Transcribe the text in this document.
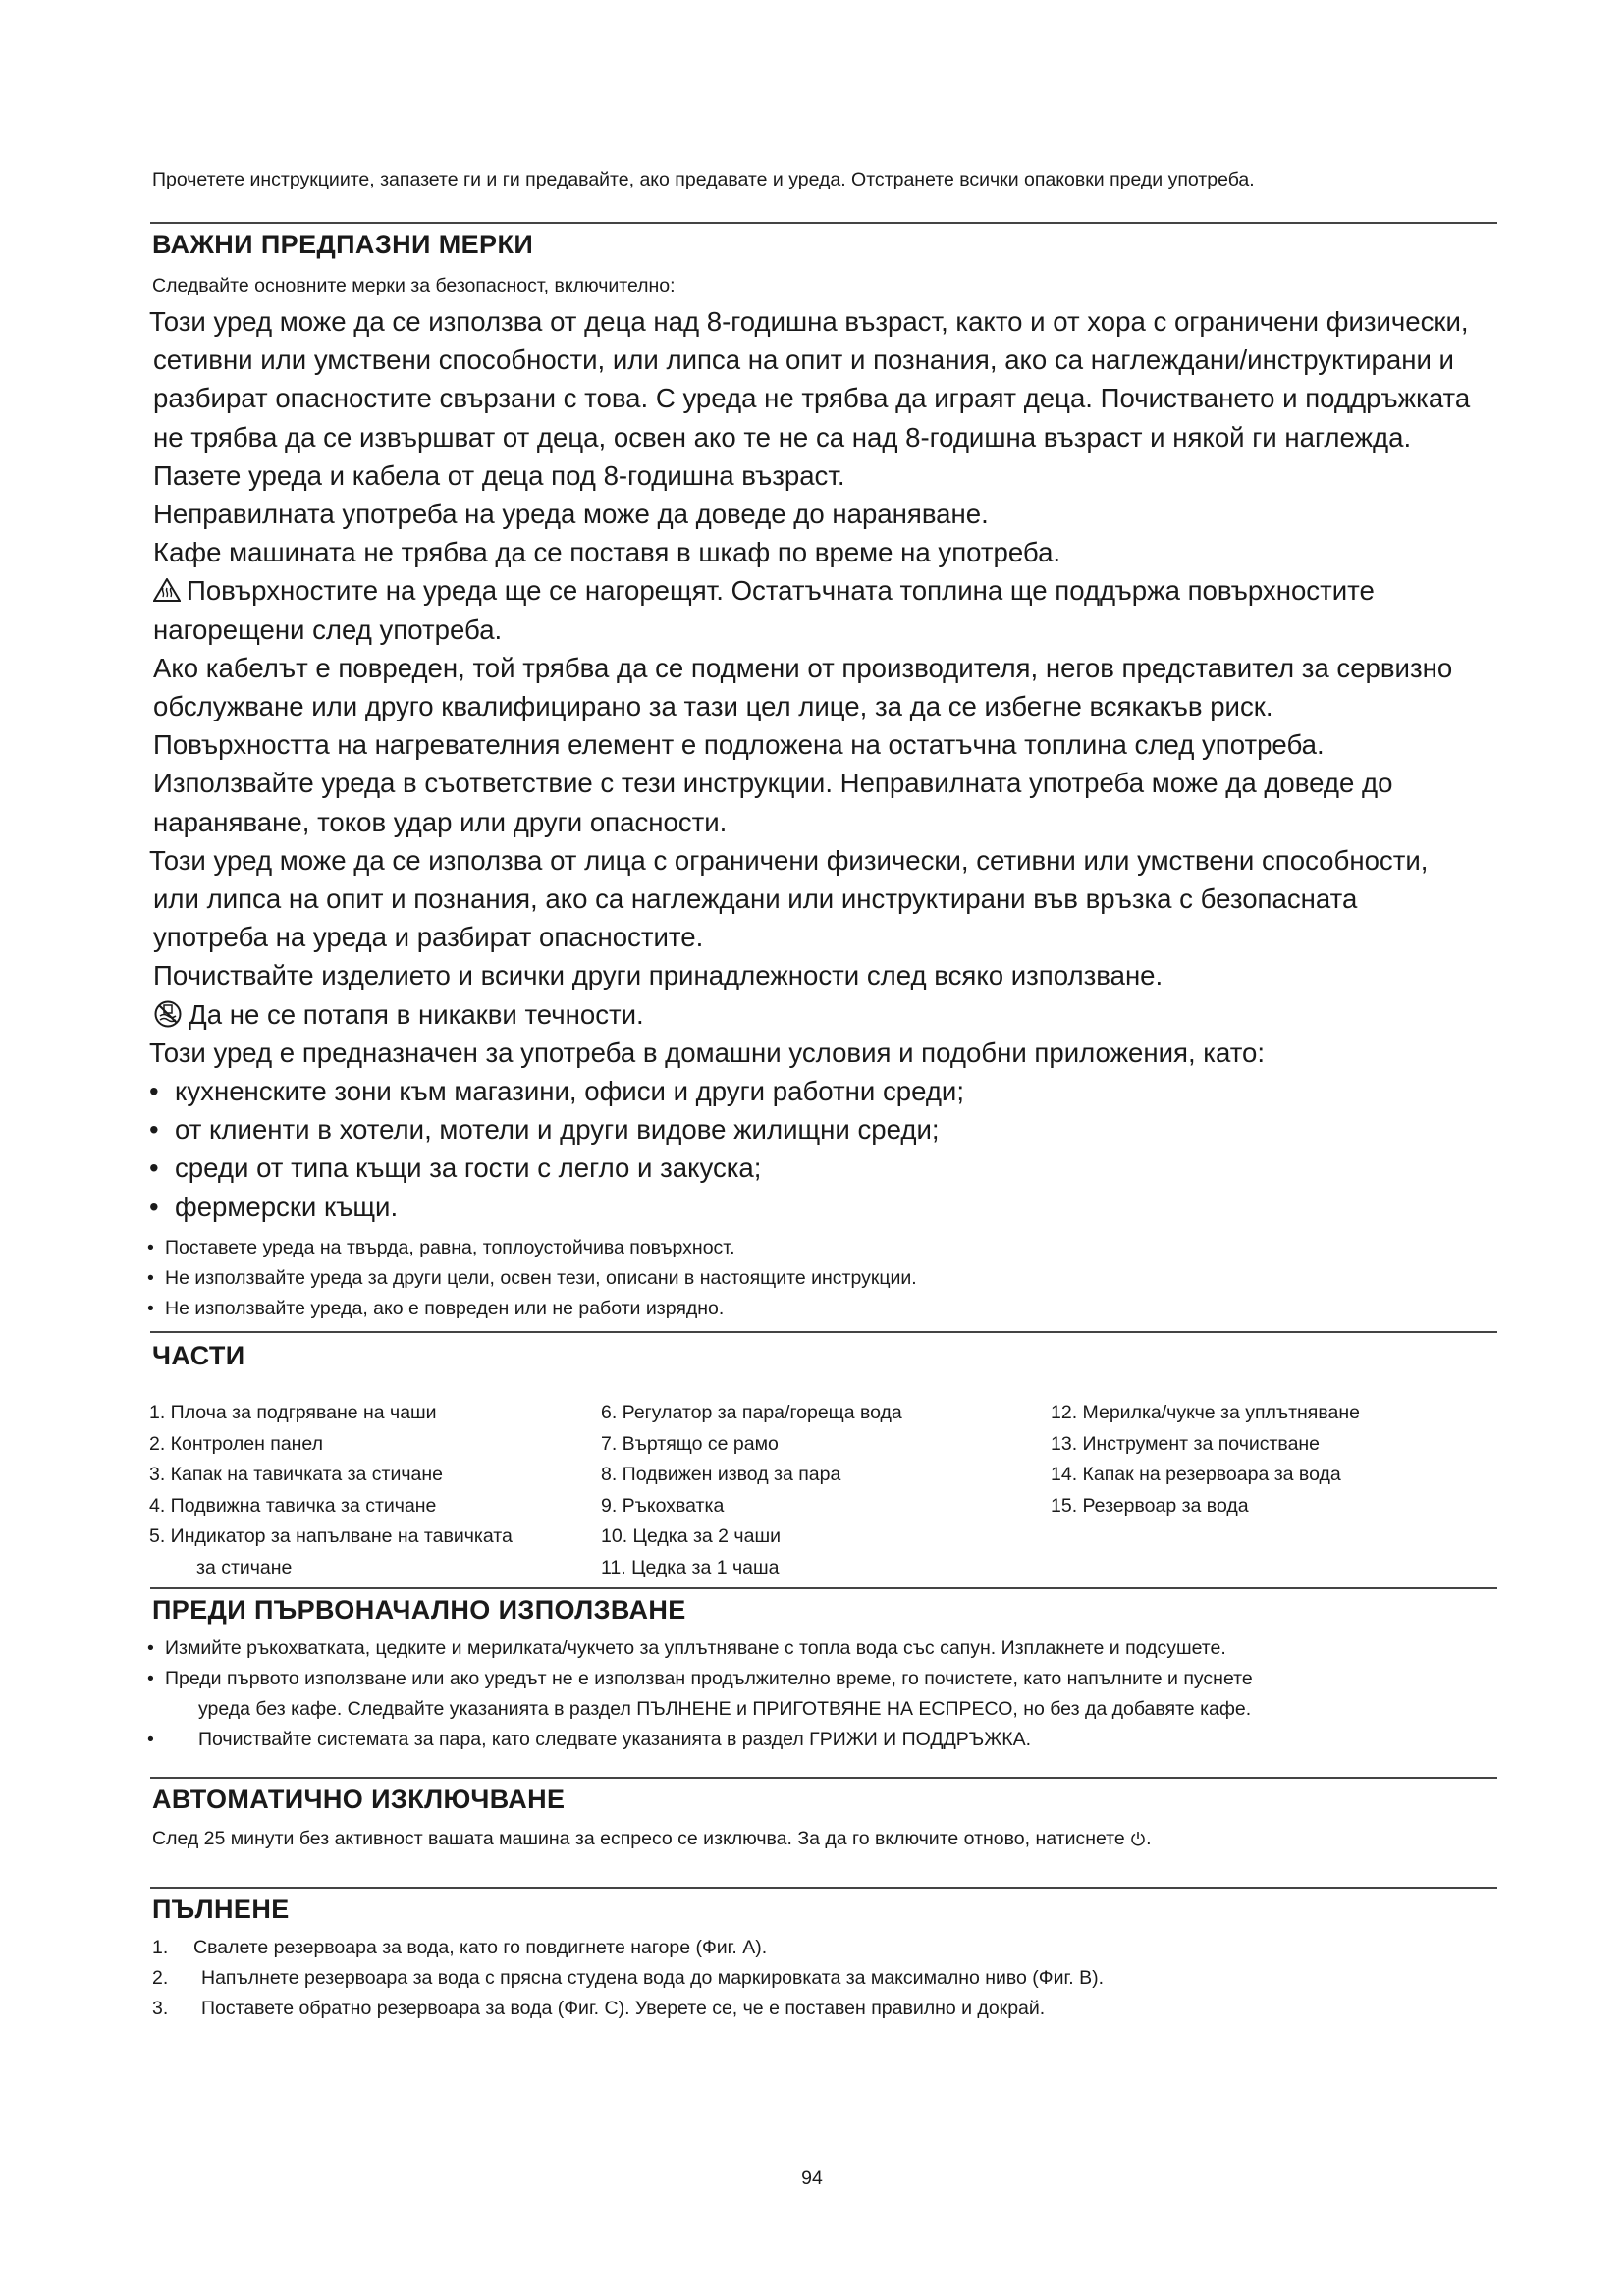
Прочетете инструкциите, запазете ги и ги предавайте, ако предавате и уреда. Отстранете всички опаковки преди употреба.
ВАЖНИ ПРЕДПАЗНИ МЕРКИ
Следвайте основните мерки за безопасност, включително:

Този уред може да се използва от деца над 8-годишна възраст, както и от хора с ограничени физически,

сетивни или умствени способности, или липса на опит и познания, ако са наглеждани/инструктирани и

разбират опасностите свързани с това. С уреда не трябва да играят деца. Почистването и поддръжката

не трябва да се извършват от деца, освен ако те не са над 8-годишна възраст и някой ги наглежда.

Пазете уреда и кабела от деца под 8-годишна възраст.

Неправилната употреба на уреда може да доведе до нараняване.

Кафе машината не трябва да се поставя в шкаф по време на употреба.

Повърхностите на уреда ще се нагорещят. Остатъчната топлина ще поддържа повърхностите

нагорещени след употреба.

Ако кабелът е повреден, той трябва да се подмени от производителя, негов представител за сервизно

обслужване или друго квалифицирано за тази цел лице, за да се избегне всякакъв риск.

Повърхността на нагревателния елемент е подложена на остатъчна топлина след употреба.

Използвайте уреда в съответствие с тези инструкции. Неправилната употреба може да доведе до

нараняване, токов удар или други опасности.

Този уред може да се използва от лица с ограничени физически, сетивни или умствени способности,

или липса на опит и познания, ако са наглеждани или инструктирани във връзка с безопасната

употреба на уреда и разбират опасностите.

Почиствайте изделието и всички други принадлежности след всяко използване.

Да не се потапя в никакви течности.

Този уред е предназначен за употреба в домашни условия и подобни приложения, като:

• кухненските зони към магазини, офиси и други работни среди;

• от клиенти в хотели, мотели и други видове жилищни среди;

• среди от типа къщи за гости с легло и закуска;

• фермерски къщи.

• Поставете уреда на твърда, равна, топлоустойчива повърхност.

• Не използвайте уреда за други цели, освен тези, описани в настоящите инструкции.

• Не използвайте уреда, ако е повреден или не работи изрядно.

ЧАСТИ

1. Плоча за подгряване на чаши

2. Контролен панел

3. Капак на тавичката за стичане

4. Подвижна тавичка за стичане

5. Индикатор за напълване на тавичката

за стичане

6. Регулатор за пара/гореща вода

7. Въртящо се рамо

8. Подвижен извод за пара

9. Ръкохватка

10. Цедка за 2 чаши

11. Цедка за 1 чаша

12. Мерилка/чукче за уплътняване

13. Инструмент за почистване

14. Капак на резервоара за вода

15. Резервоар за вода

ПРЕДИ ПЪРВОНАЧАЛНО ИЗПОЛЗВАНЕ

• Измийте ръкохватката, цедките и мерилката/чукчето за уплътняване с топла вода със сапун. Изплакнете и подсушете.

• Преди първото използване или ако уредът не е използван продължително време, го почистете, като напълните и пуснете

уреда без кафе. Следвайте указанията в раздел ПЪЛНЕНЕ и ПРИГОТВЯНЕ НА ЕСПРЕСО, но без да добавяте кафе.

• Почиствайте системата за пара, като следвате указанията в раздел ГРИЖИ И ПОДДРЪЖКА.

АВТОМАТИЧНО ИЗКЛЮЧВАНЕ

След 25 минути без активност вашата машина за еспресо се изключва. За да го включите отново, натиснете .

ПЪЛНЕНЕ

1. Свалете резервоара за вода, като го повдигнете нагоре (Фиг. A).

2. Напълнете резервоара за вода с прясна студена вода до маркировката за максимално ниво (Фиг. B).

3. Поставете обратно резервоара за вода (Фиг. C). Уверете се, че е поставен правилно и докрай.

94
